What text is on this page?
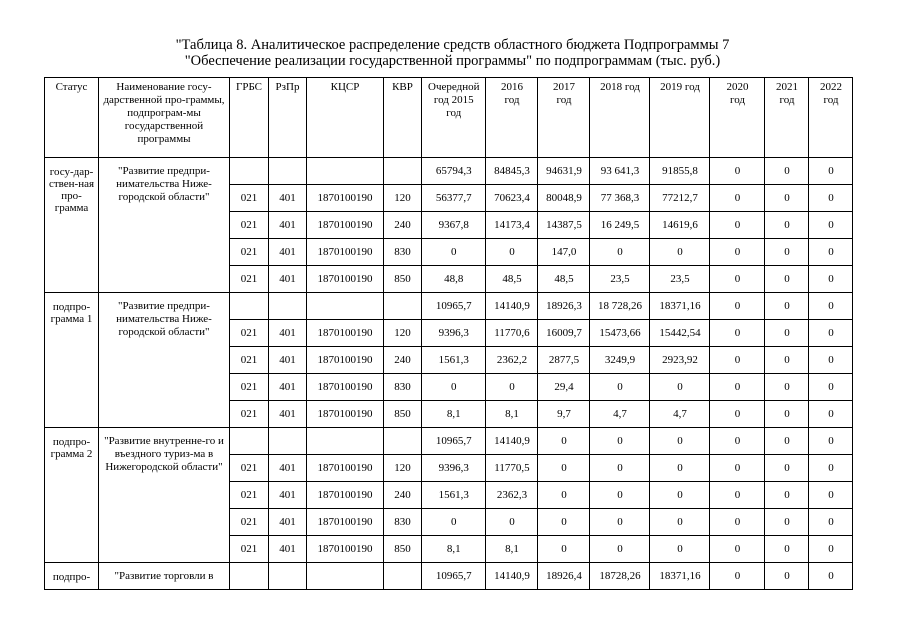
"Таблица 8. Аналитическое распределение средств областного бюджета Подпрограммы 7
"Обеспечение реализации государственной программы" по подпрограммам (тыс. руб.)
Статус	Наименование госу-дарственной про-граммы, подпрограм-мы государственной программы	ГРБС	РзПр	КЦСР	КВР	Очередной год 2015 год	2016 год	2017 год	2018 год	2019 год	2020 год	2021 год	2022 год
госу-дар-ствен-ная про-грамма	"Развитие предпри-нимательства Ниже-городской области"					65794,3	84845,3	94631,9	93 641,3	91855,8	0	0	0
		021	401	1870100190	120	56377,7	70623,4	80048,9	77 368,3	77212,7	0	0	0
		021	401	1870100190	240	9367,8	14173,4	14387,5	16 249,5	14619,6	0	0	0
		021	401	1870100190	830	0	0	147,0	0	0	0	0	0
		021	401	1870100190	850	48,8	48,5	48,5	23,5	23,5	0	0	0
подпро-грамма 1	"Развитие предпри-нимательства Ниже-городской области"					10965,7	14140,9	18926,3	18 728,26	18371,16	0	0	0
		021	401	1870100190	120	9396,3	11770,6	16009,7	15473,66	15442,54	0	0	0
		021	401	1870100190	240	1561,3	2362,2	2877,5	3249,9	2923,92	0	0	0
		021	401	1870100190	830	0	0	29,4	0	0	0	0	0
		021	401	1870100190	850	8,1	8,1	9,7	4,7	4,7	0	0	0
подпро-грамма 2	"Развитие внутренне-го и въездного туриз-ма в Нижегородской области"					10965,7	14140,9	0	0	0	0	0	0
		021	401	1870100190	120	9396,3	11770,5	0	0	0	0	0	0
		021	401	1870100190	240	1561,3	2362,3	0	0	0	0	0	0
		021	401	1870100190	830	0	0	0	0	0	0	0	0
		021	401	1870100190	850	8,1	8,1	0	0	0	0	0	0
подпро-	"Развитие торговли в					10965,7	14140,9	18926,4	18728,26	18371,16	0	0	0
